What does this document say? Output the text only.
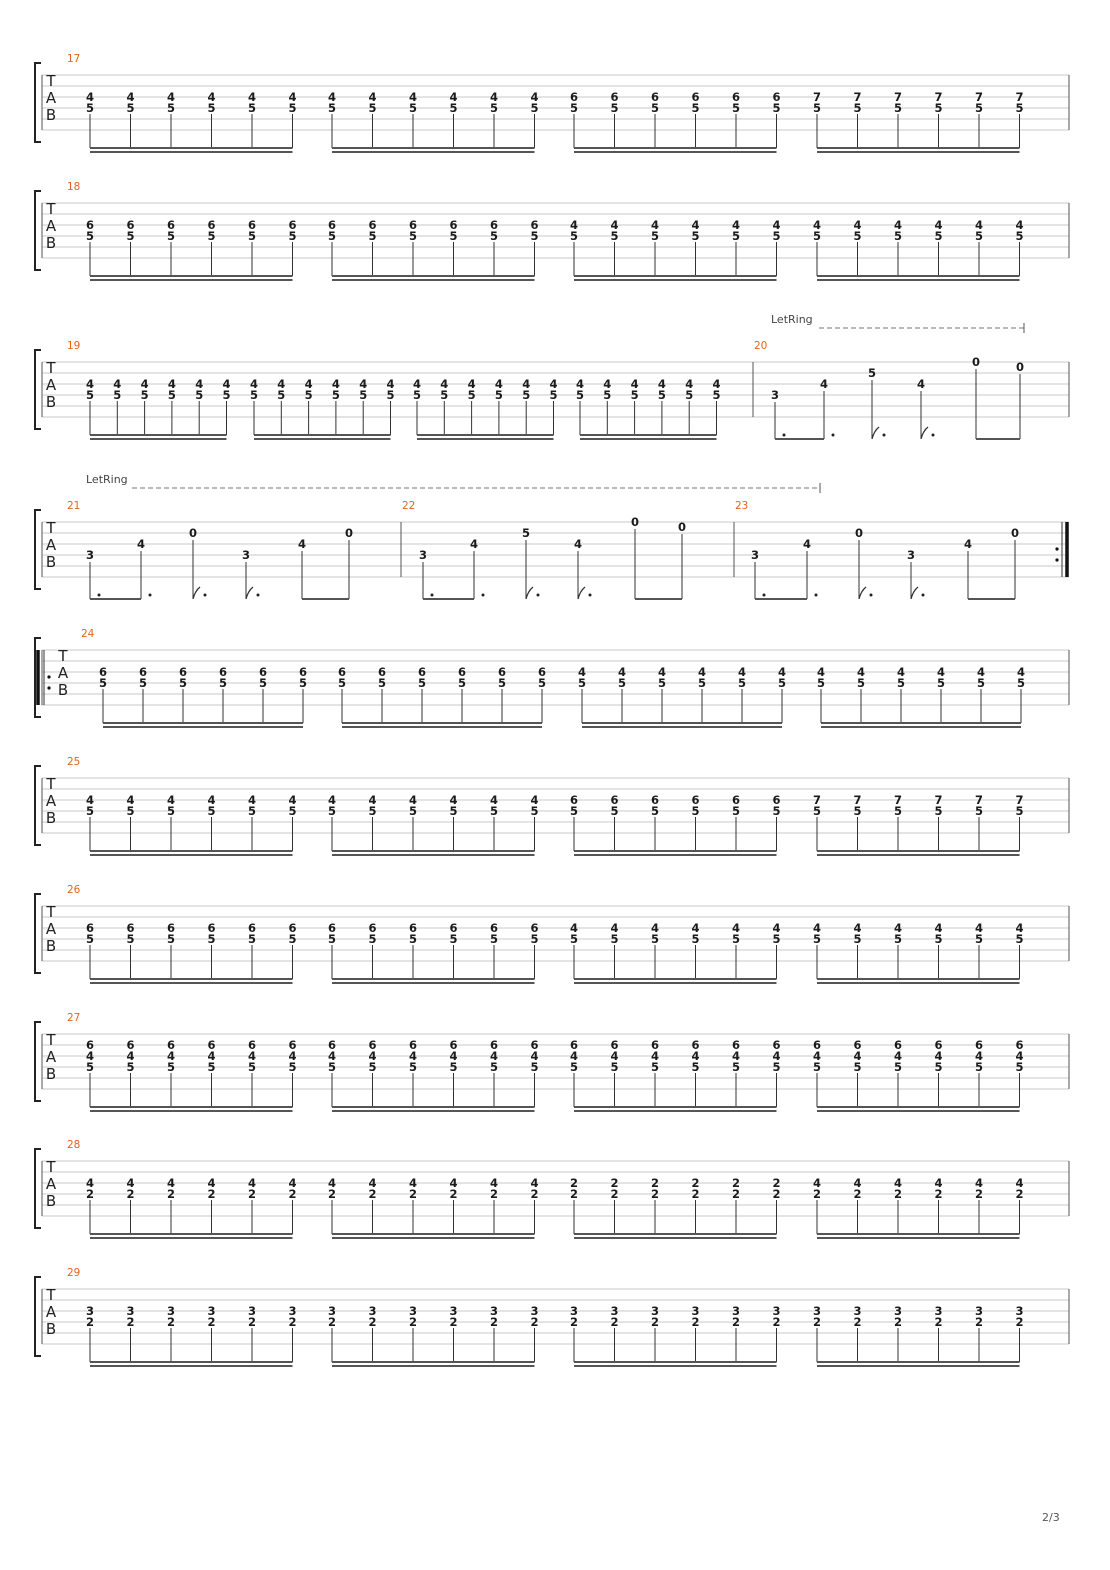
T
A
B
17
4
5
4
5
4
5
4
5
4
5
4
5
4
5
4
5
4
5
4
5
4
5
4
5
6
5
6
5
6
5
6
5
6
5
6
5
7
5
7
5
7
5
7
5
7
5
7
5
T
A
B
18
6
5
6
5
6
5
6
5
6
5
6
5
6
5
6
5
6
5
6
5
6
5
6
5
4
5
4
5
4
5
4
5
4
5
4
5
4
5
4
5
4
5
4
5
4
5
4
5
T
A
B
19
4
5
4
5
4
5
4
5
4
5
4
5
4
5
4
5
4
5
4
5
4
5
4
5
4
5
4
5
4
5
4
5
4
5
4
5
4
5
4
5
4
5
4
5
4
5
4
5
20
3
4
5
4
0	0
T
A
B
21
3
4
0
3
4
0
22
3
4
5
4
0	0
23
3
4
0
3
4
0
T
A
B
24
6
5
6
5
6
5
6
5
6
5
6
5
6
5
6
5
6
5
6
5
6
5
6
5
4
5
4
5
4
5
4
5
4
5
4
5
4
5
4
5
4
5
4
5
4
5
4
5
T
A
B
25
4
5
4
5
4
5
4
5
4
5
4
5
4
5
4
5
4
5
4
5
4
5
4
5
6
5
6
5
6
5
6
5
6
5
6
5
7
5
7
5
7
5
7
5
7
5
7
5
T
A
B
26
6
5
6
5
6
5
6
5
6
5
6
5
6
5
6
5
6
5
6
5
6
5
6
5
4
5
4
5
4
5
4
5
4
5
4
5
4
5
4
5
4
5
4
5
4
5
4
5
T
A
B
27
6
4
5
6
4
5
6
4
5
6
4
5
6
4
5
6
4
5
6
4
5
6
4
5
6
4
5
6
4
5
6
4
5
6
4
5
6
4
5
6
4
5
6
4
5
6
4
5
6
4
5
6
4
5
6
4
5
6
4
5
6
4
5
6
4
5
6
4
5
6
4
5
T
A
B
28
4
2
4
2
4
2
4
2
4
2
4
2
4
2
4
2
4
2
4
2
4
2
4
2
2
2
2
2
2
2
2
2
2
2
2
2
4
2
4
2
4
2
4
2
4
2
4
2
T
A
B
29
3
2
3
2
3
2
3
2
3
2
3
2
3
2
3
2
3
2
3
2
3
2
3
2
3
2
3
2
3
2
3
2
3
2
3
2
3
2
3
2
3
2
3
2
3
2
3
2
LetRing
LetRing
2/3
